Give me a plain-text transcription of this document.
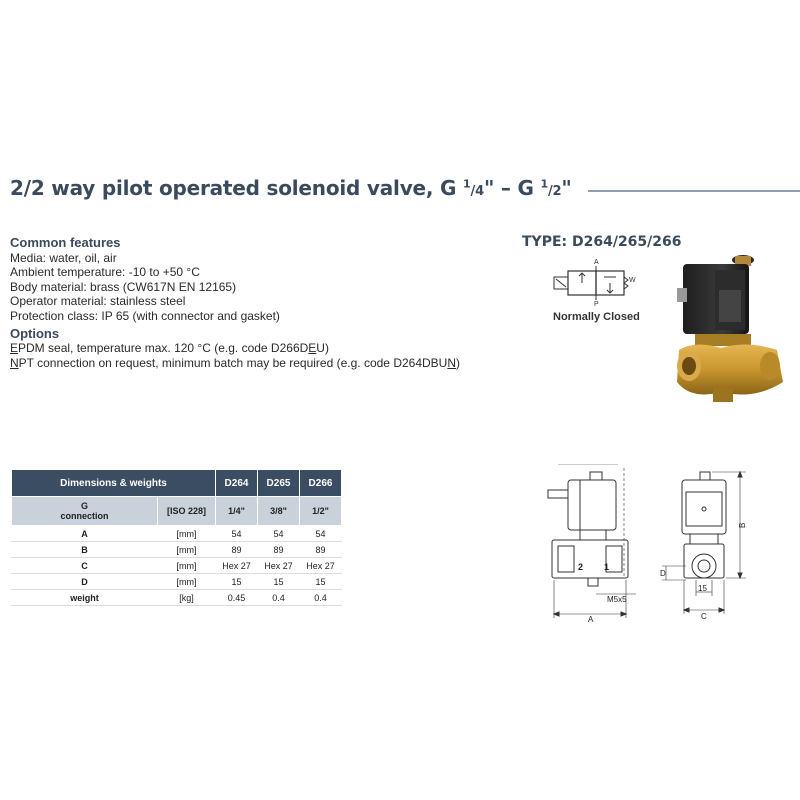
2/2 way pilot operated solenoid valve, G $^1$/4" – G $^1$/2"
Common features
Media: water, oil, air
Ambient temperature: -10 to +50 °C
Body material: brass (CW617N EN 12165)
Operator material: stainless steel
Protection class: IP 65 (with connector and gasket)
Options
EPDM seal, temperature max. 120 °C (e.g. code D266DEU)
NPT connection on request, minimum batch may be required (e.g. code D264DBUN)
TYPE: D264/265/266
A
W
P
Normally Closed
Dimensions & weights		D264	D265	D266
G
connection	[ISO 228]	1/4"	3/8"	1/2"
A	[mm]	54	54	54
B	[mm]	89	89	89
C	[mm]	Hex 27	Hex 27	Hex 27
D	[mm]	15	15	15
weight	[kg]	0.45	0.4	0.4
2 1
M5x5
A
B
D
15
C
